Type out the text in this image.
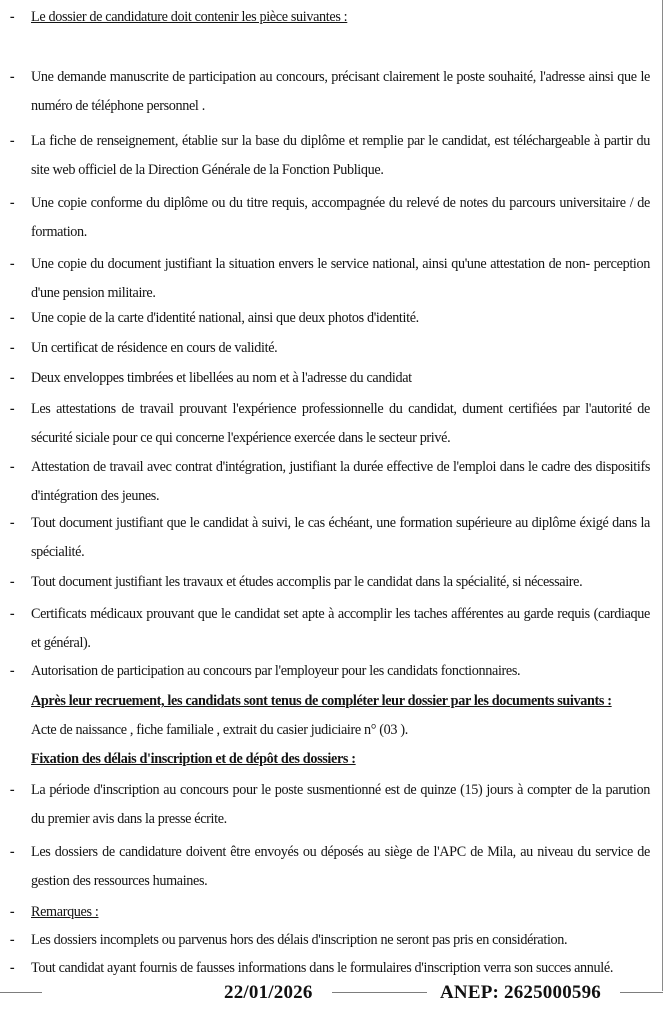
- Le dossier de candidature doit contenir les pièce suivantes :
- Une demande manuscrite de participation au concours, précisant clairement le poste souhaité, l'adresse ainsi que le numéro de téléphone personnel .
- La fiche de renseignement, établie sur la base du diplôme et remplie par le candidat, est téléchargeable à partir du site web officiel de la Direction Générale de la Fonction Publique.
- Une copie conforme du diplôme ou du titre requis, accompagnée du relevé de notes du parcours universitaire / de formation.
- Une copie du document justifiant la situation envers le service national, ainsi qu'une attestation de non- perception d'une pension militaire.
- Une copie de la carte d'identité national, ainsi que deux photos d'identité.
- Un certificat de résidence en cours de validité.
- Deux enveloppes timbrées et libellées au nom et à l'adresse du candidat
- Les attestations de travail prouvant l'expérience professionnelle du candidat, dument certifiées par l'autorité de sécurité siciale pour ce qui concerne l'expérience exercée dans le secteur privé.
- Attestation de travail avec contrat d'intégration, justifiant la durée effective de l'emploi dans le cadre des dispositifs d'intégration des jeunes.
- Tout document justifiant que le candidat à suivi, le cas échéant, une formation supérieure au diplôme éxigé dans la spécialité.
- Tout document justifiant les travaux et études accomplis par le candidat dans la spécialité, si nécessaire.
- Certificats médicaux prouvant que le candidat set apte à accomplir les taches afférentes au garde requis (cardiaque et général).
- Autorisation de participation au concours par l'employeur pour les candidats fonctionnaires.
Après leur recruement, les candidats sont tenus de compléter leur dossier par les documents suivants :
Acte de naissance , fiche familiale , extrait du casier judiciaire n° (03 ).
Fixation des délais d'inscription et de dépôt des dossiers :
- La période d'inscription au concours pour le poste susmentionné est de quinze (15) jours à compter de la parution du premier avis dans la presse écrite.
- Les dossiers de candidature doivent être envoyés ou déposés au siège de l'APC de Mila, au niveau du service de gestion des ressources humaines.
- Remarques :
- Les dossiers incomplets ou parvenus hors des délais d'inscription ne seront pas pris en considération.
- Tout candidat ayant fournis de fausses informations dans le formulaires d'inscription verra son succes annulé.
22/01/2026	ANEP: 2625000596
